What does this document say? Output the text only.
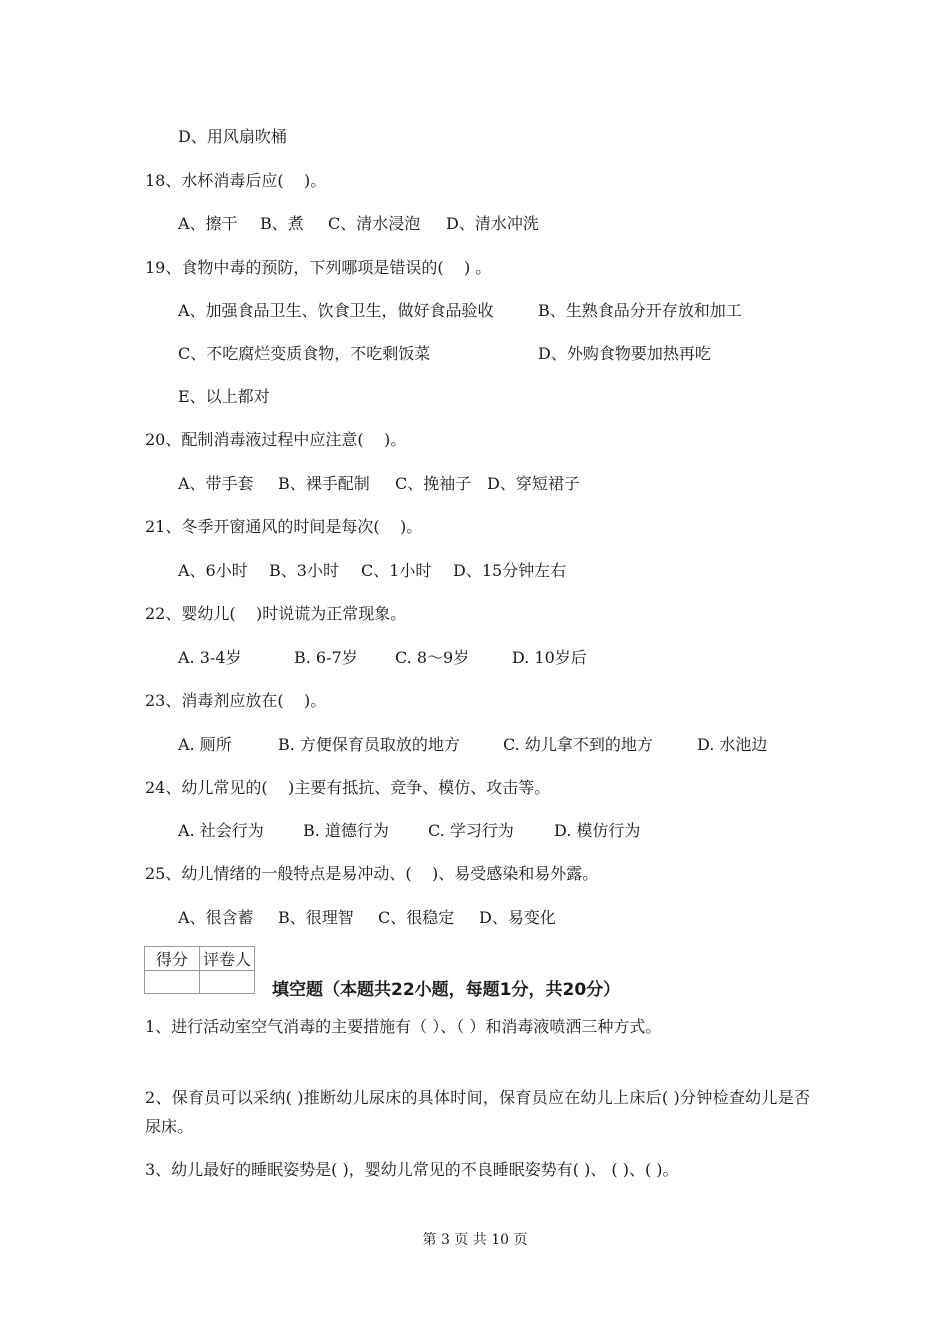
D、用风扇吹桶
18、水杯消毒后应(    )。
A、擦干 B、煮 C、清水浸泡 D、清水冲洗
19、食物中毒的预防，下列哪项是错误的(    ) 。
A、加强食品卫生、饮食卫生，做好食品验收	B、生熟食品分开存放和加工
C、不吃腐烂变质食物，不吃剩饭菜	D、外购食物要加热再吃
E、以上都对
20、配制消毒液过程中应注意(    )。
A、带手套 B、裸手配制 C、挽袖子 D、穿短裙子
21、冬季开窗通风的时间是每次(    )。
A、6小时 B、3小时 C、1小时 D、15分钟左右
22、婴幼儿(    )时说谎为正常现象。
A. 3-4岁	B. 6-7岁 C. 8～9岁	D. 10岁后
23、消毒剂应放在(    )。
A. 厕所	B. 方便保育员取放的地方	C. 幼儿拿不到的地方	D. 水池边
24、幼儿常见的(    )主要有抵抗、竞争、模仿、攻击等。
A. 社会行为 B. 道德行为 C. 学习行为	D. 模仿行为
25、幼儿情绪的一般特点是易冲动、(    )、易受感染和易外露。
A、很含蓄 B、很理智 C、很稳定 D、易变化
得分	评卷人

填空题（本题共22小题，每题1分，共20分）
1、进行活动室空气消毒的主要措施有（ ）、（ ）和消毒液喷洒三种方式。
2、保育员可以采纳( )推断幼儿尿床的具体时间，保育员应在幼儿上床后( )分钟检查幼儿是否尿床。
3、幼儿最好的睡眠姿势是( )，婴幼儿常见的不良睡眠姿势有( )、 ( )、( )。
第 3 页 共 10 页
